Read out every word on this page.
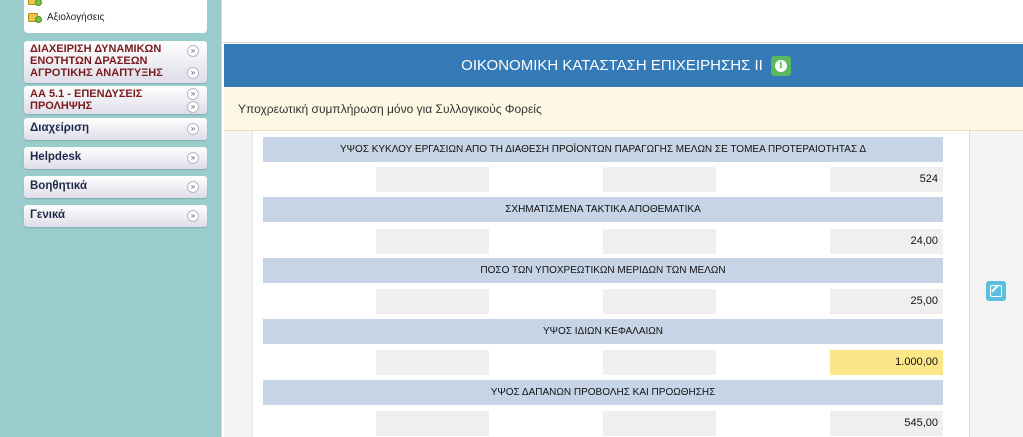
Αξιολογήσεις
ΔΙΑΧΕΙΡΙΣΗ ΔΥΝΑΜΙΚΩΝ ΕΝΟΤΗΤΩΝ ΔΡΑΣΕΩΝ ΑΓΡΟΤΙΚΗΣ ΑΝΑΠΤΥΞΗΣ
»
»
ΑΑ 5.1 - ΕΠΕΝΔΥΣΕΙΣ ΠΡΟΛΗΨΗΣ
»
»
Διαχείριση	»
Helpdesk	»
Βοηθητικά	»
Γενικά	»
ΟΙΚΟΝΟΜΙΚΗ ΚΑΤΑΣΤΑΣΗ ΕΠΙΧΕΙΡΗΣΗΣ ΙΙ	i
Υποχρεωτική συμπλήρωση μόνο για Συλλογικούς Φορείς
ΥΨΟΣ ΚΥΚΛΟΥ ΕΡΓΑΣΙΩΝ ΑΠΟ ΤΗ ΔΙΑΘΕΣΗ ΠΡΟΪΟΝΤΩΝ ΠΑΡΑΓΩΓΗΣ ΜΕΛΩΝ ΣΕ ΤΟΜΕΑ ΠΡΟΤΕΡΑΙΟΤΗΤΑΣ Δ
524
ΣΧΗΜΑΤΙΣΜΕΝΑ ΤΑΚΤΙΚΑ ΑΠΟΘΕΜΑΤΙΚΑ
24,00
ΠΟΣΟ ΤΩΝ ΥΠΟΧΡΕΩΤΙΚΩΝ ΜΕΡΙΔΩΝ ΤΩΝ ΜΕΛΩΝ
25,00
ΥΨΟΣ ΙΔΙΩΝ ΚΕΦΑΛΑΙΩΝ
1.000,00
ΥΨΟΣ ΔΑΠΑΝΩΝ ΠΡΟΒΟΛΗΣ ΚΑΙ ΠΡΟΩΘΗΣΗΣ
545,00
